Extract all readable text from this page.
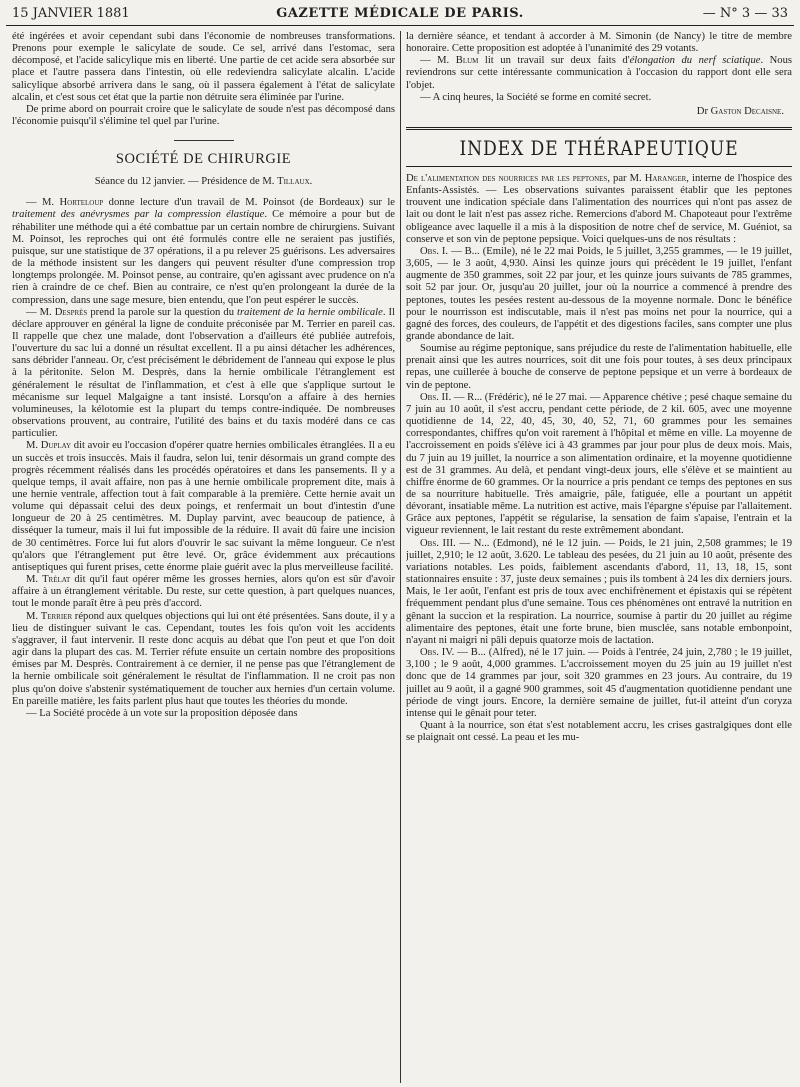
15 JANVIER 1881	GAZETTE MÉDICALE DE PARIS.	— N° 3 — 33

été ingérées et avoir cependant subi dans l'économie de nombreuses transformations. Prenons pour exemple le salicylate de soude. Ce sel, arrivé dans l'estomac, sera décomposé, et l'acide salicylique mis en liberté. Une partie de cet acide sera absorbée sur place et l'autre passera dans l'intestin, où elle redeviendra salicylate alcalin. L'acide salicylique absorbé arrivera dans le sang, où il passera également à l'état de salicylate alcalin, et c'est sous cet état que la partie non détruite sera éliminée par l'urine.

De prime abord on pourrait croire que le salicylate de soude n'est pas décomposé dans l'économie puisqu'il s'élimine tel quel par l'urine.

SOCIÉTÉ DE CHIRURGIE
Séance du 12 janvier. — Présidence de M. Tillaux.

— M. Horteloup donne lecture d'un travail de M. Poinsot (de Bordeaux) sur le traitement des anévrysmes par la compression élastique. Ce mémoire a pour but de réhabiliter une méthode qui a été combattue par un certain nombre de chirurgiens. Suivant M. Poinsot, les reproches qui ont été formulés contre elle ne seraient pas justifiés, puisque, sur une statistique de 37 opérations, il a pu relever 25 guérisons. Les adversaires de la méthode insistent sur les dangers qui peuvent résulter d'une compression trop longtemps prolongée. M. Poinsot pense, au contraire, qu'en agissant avec prudence on n'a rien à craindre de ce chef. Bien au contraire, ce n'est qu'en prolongeant la durée de la compression, dans une sage mesure, bien entendu, que l'on peut espérer le succès.

— M. Desprès prend la parole sur la question du traitement de la hernie ombilicale. Il déclare approuver en général la ligne de conduite préconisée par M. Terrier en pareil cas. Il rappelle que chez une malade, dont l'observation a d'ailleurs été publiée autrefois, l'ouverture du sac lui a donné un résultat excellent. Il a pu ainsi détacher les adhérences, sans débrider l'anneau. Or, c'est précisément le débridement de l'anneau qui expose le plus à la péritonite. Selon M. Desprès, dans la hernie ombilicale l'étranglement est généralement le résultat de l'inflammation, et c'est à elle que s'applique surtout le mécanisme sur lequel Malgaigne a tant insisté. Lorsqu'on a affaire à des hernies volumineuses, la kélotomie est la plupart du temps contre-indiquée. De nombreuses observations prouvent, au contraire, l'utilité des bains et du taxis modéré dans ce cas particulier.

M. Duplay dit avoir eu l'occasion d'opérer quatre hernies ombilicales étranglées. Il a eu un succès et trois insuccès. Mais il faudra, selon lui, tenir désormais un grand compte des progrès récemment réalisés dans les procédés opératoires et dans les pansements. Il y a quelque temps, il avait affaire, non pas à une hernie ombilicale proprement dite, mais à une hernie ventrale, affection tout à fait comparable à la première. Cette hernie avait un volume qui dépassait celui des deux poings, et renfermait un bout d'intestin d'une longueur de 20 à 25 centimètres. M. Duplay parvint, avec beaucoup de patience, à disséquer la tumeur, mais il lui fut impossible de la réduire. Il avait dû faire une incision de 30 centimètres. Force lui fut alors d'ouvrir le sac suivant la même longueur. Ce n'est qu'alors que l'étranglement put être levé. Or, grâce évidemment aux précautions antiseptiques qui furent prises, cette énorme plaie guérit avec la plus merveilleuse facilité.

M. Trélat dit qu'il faut opérer même les grosses hernies, alors qu'on est sûr d'avoir affaire à un étranglement véritable. Du reste, sur cette question, à part quelques nuances, tout le monde paraît être à peu près d'accord.

M. Terrier répond aux quelques objections qui lui ont été présentées. Sans doute, il y a lieu de distinguer suivant le cas. Cependant, toutes les fois qu'on voit les accidents s'aggraver, il faut intervenir. Il reste donc acquis au débat que l'on peut et que l'on doit agir dans la plupart des cas. M. Terrier réfute ensuite un certain nombre des propositions émises par M. Desprès. Contrairement à ce dernier, il ne pense pas que l'étranglement de la hernie ombilicale soit généralement le résultat de l'inflammation. Il ne croit pas non plus qu'on doive s'abstenir systématiquement de toucher aux hernies d'un certain volume. En pareille matière, les faits parlent plus haut que toutes les théories du monde.

— La Société procède à un vote sur la proposition déposée dans

la dernière séance, et tendant à accorder à M. Simonin (de Nancy) le titre de membre honoraire. Cette proposition est adoptée à l'unanimité des 29 votants.

— M. Blum lit un travail sur deux faits d'élongation du nerf sciatique. Nous reviendrons sur cette intéressante communication à l'occasion du rapport dont elle sera l'objet.

— A cinq heures, la Société se forme en comité secret.

Dr Gaston Decaisne.
INDEX DE THÉRAPEUTIQUE

De l'alimentation des nourrices par les peptones, par M. Haranger, interne de l'hospice des Enfants-Assistés. — Les observations suivantes paraissent établir que les peptones trouvent une indication spéciale dans l'alimentation des nourrices qui n'ont pas assez de lait ou dont le lait n'est pas assez riche. Remercions d'abord M. Chapoteaut pour l'extrême obligeance avec laquelle il a mis à la disposition de notre chef de service, M. Guéniot, sa conserve et son vin de peptone pepsique. Voici quelques-uns de nos résultats :

Obs. I. — B... (Emile), né le 22 mai Poids, le 5 juillet, 3,255 grammes, — le 19 juillet, 3,605, — le 3 août, 4,930. Ainsi les quinze jours qui précèdent le 19 juillet, l'enfant augmente de 350 grammes, soit 22 par jour, et les quinze jours suivants de 785 grammes, soit 52 par jour. Or, jusqu'au 20 juillet, jour où la nourrice a commencé à prendre des peptones, toutes les pesées restent au-dessous de la moyenne normale. Donc le bénéfice pour le nourrisson est indiscutable, mais il n'est pas moins net pour la nourrice, qui a gagné des forces, des couleurs, de l'appétit et des digestions faciles, sans compter une plus grande abondance de lait.

Soumise au régime peptonique, sans préjudice du reste de l'alimentation habituelle, elle prenait ainsi que les autres nourrices, soit dit une fois pour toutes, à ses deux principaux repas, une cuillerée à bouche de conserve de peptone pepsique et un verre à bordeaux de vin de peptone.

Obs. II. — R... (Frédéric), né le 27 mai. — Apparence chétive ; pesé chaque semaine du 7 juin au 10 août, il s'est accru, pendant cette période, de 2 kil. 605, avec une moyenne quotidienne de 14, 22, 40, 45, 30, 40, 52, 71, 60 grammes pour les semaines correspondantes, chiffres qu'on voit rarement à l'hôpital et même en ville. La moyenne de l'accroissement en poids s'élève ici à 43 grammes par jour pour plus de deux mois. Mais, du 7 juin au 19 juillet, la nourrice a son alimentation ordinaire, et la moyenne quotidienne est de 31 grammes. Au delà, et pendant vingt-deux jours, elle s'élève et se maintient au chiffre énorme de 60 grammes. Or la nourrice a pris pendant ce temps des peptones en sus de sa nourriture habituelle. Très amaigrie, pâle, fatiguée, elle a pourtant un appétit dévorant, insatiable même. La nutrition est active, mais l'épargne s'épuise par l'allaitement. Grâce aux peptones, l'appétit se régularise, la sensation de faim s'apaise, l'entrain et la vigueur reviennent, le lait restant du reste extrêmement abondant.

Obs. III. — N... (Edmond), né le 12 juin. — Poids, le 21 juin, 2,508 grammes; le 19 juillet, 2,910; le 12 août, 3.620. Le tableau des pesées, du 21 juin au 10 août, présente des variations notables. Les poids, faiblement ascendants d'abord, 11, 13, 18, 15, sont stationnaires ensuite : 37, juste deux semaines ; puis ils tombent à 24 les dix derniers jours. Mais, le 1er août, l'enfant est pris de toux avec enchifrènement et épistaxis qui se répètent fréquemment pendant plus d'une semaine. Tous ces phénomènes ont entravé la nutrition en gênant la succion et la respiration. La nourrice, soumise à partir du 20 juillet au régime alimentaire des peptones, était une forte brune, bien musclée, sans notable embonpoint, n'ayant ni maigri ni pâli depuis quatorze mois de lactation.

Obs. IV. — B... (Alfred), né le 17 juin. — Poids à l'entrée, 24 juin, 2,780 ; le 19 juillet, 3,100 ; le 9 août, 4,000 grammes. L'accroissement moyen du 25 juin au 19 juillet n'est donc que de 14 grammes par jour, soit 320 grammes en 23 jours. Au contraire, du 19 juillet au 9 août, il a gagné 900 grammes, soit 45 d'augmentation quotidienne pendant une période de vingt jours. Encore, la dernière semaine de juillet, fut-il atteint d'un coryza intense qui le gênait pour teter.

Quant à la nourrice, son état s'est notablement accru, les crises gastralgiques dont elle se plaignait ont cessé. La peau et les mu-
